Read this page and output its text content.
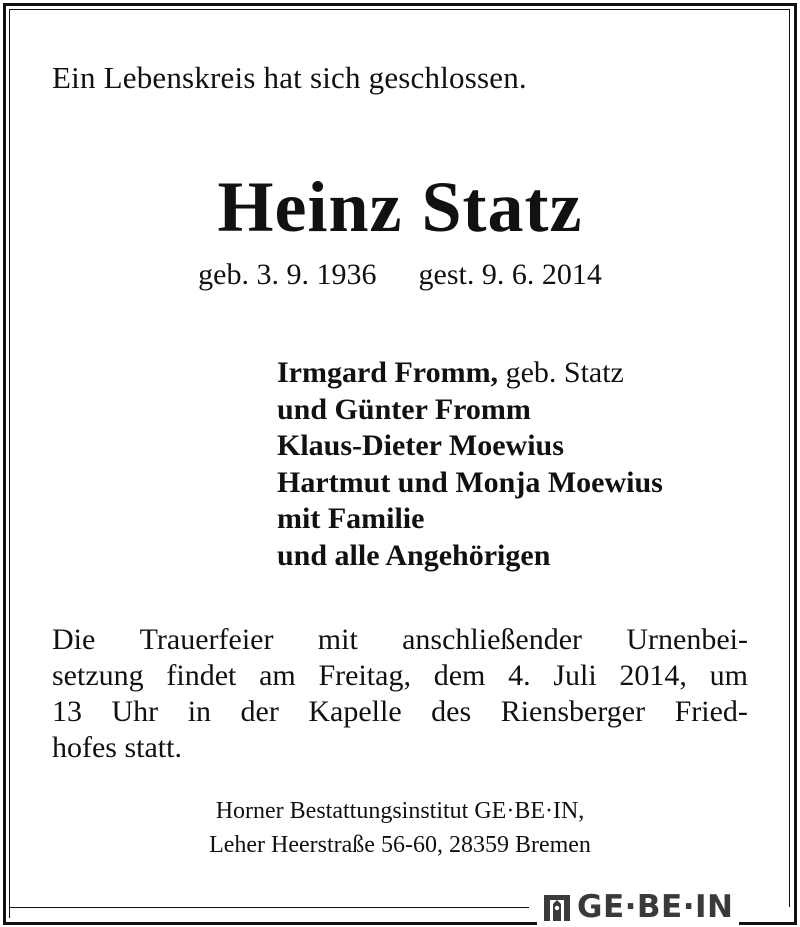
Ein Lebenskreis hat sich geschlossen.
Heinz Statz
geb. 3. 9. 1936 gest. 9. 6. 2014
Irmgard Fromm, geb. Statz
und Günter Fromm
Klaus-Dieter Moewius
Hartmut und Monja Moewius
mit Familie
und alle Angehörigen
Die Trauerfeier mit anschließender Urnenbei-
setzung findet am Freitag, dem 4. Juli 2014, um
13 Uhr in der Kapelle des Riensberger Fried-
hofes statt.
Horner Bestattungsinstitut GE·BE·IN,
Leher Heerstraße 56-60, 28359 Bremen
GE·BE·IN
